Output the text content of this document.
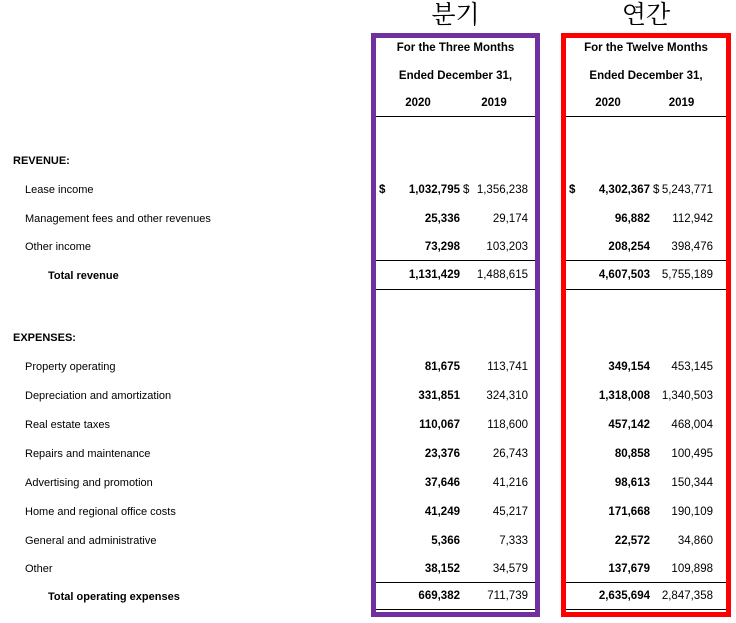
분기	연간
For the Three Months	For the Twelve Months
Ended December 31,	Ended December 31,
2020	2019	2020	2019
REVENUE:
Lease income	$ 1,032,795 $ 1,356,238	$ 4,302,367 $ 5,243,771
Management fees and other revenues	25,336	29,174	96,882	112,942
Other income	73,298	103,203	208,254	398,476
Total revenue	1,131,429	1,488,615	4,607,503	5,755,189
EXPENSES:
Property operating	81,675	113,741	349,154	453,145
Depreciation and amortization	331,851	324,310	1,318,008	1,340,503
Real estate taxes	110,067	118,600	457,142	468,004
Repairs and maintenance	23,376	26,743	80,858	100,495
Advertising and promotion	37,646	41,216	98,613	150,344
Home and regional office costs	41,249	45,217	171,668	190,109
General and administrative	5,366	7,333	22,572	34,860
Other	38,152	34,579	137,679	109,898
Total operating expenses	669,382	711,739	2,635,694	2,847,358
